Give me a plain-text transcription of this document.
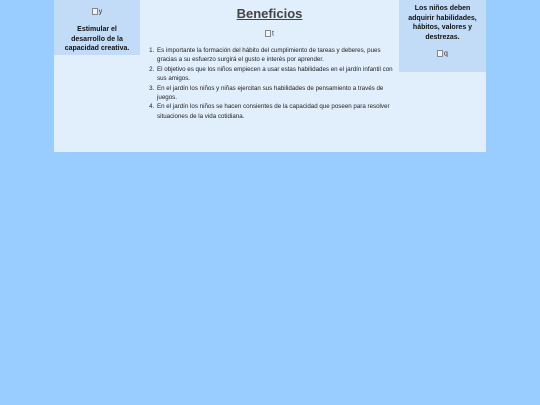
y
Estimular el desarrollo de la capacidad creativa.
Beneficios
t
1. Es importante la formación del hábito del cumplimiento de tareas y deberes, pues gracias a su esfuerzo surgirá el gusto e interés por aprender.
2. El objetivo es que los niños empiecen a usar estas habilidades en el jardín infantil con sus amigos.
3. En el jardín los niños y niñas ejercitan sus habilidades de pensamiento a través de juegos.
4. En el jardín los niños se hacen consientes de la capacidad que poseen para resolver situaciones de la vida cotidiana.
Los niños deben adquirir habilidades, hábitos, valores y destrezas.
q
